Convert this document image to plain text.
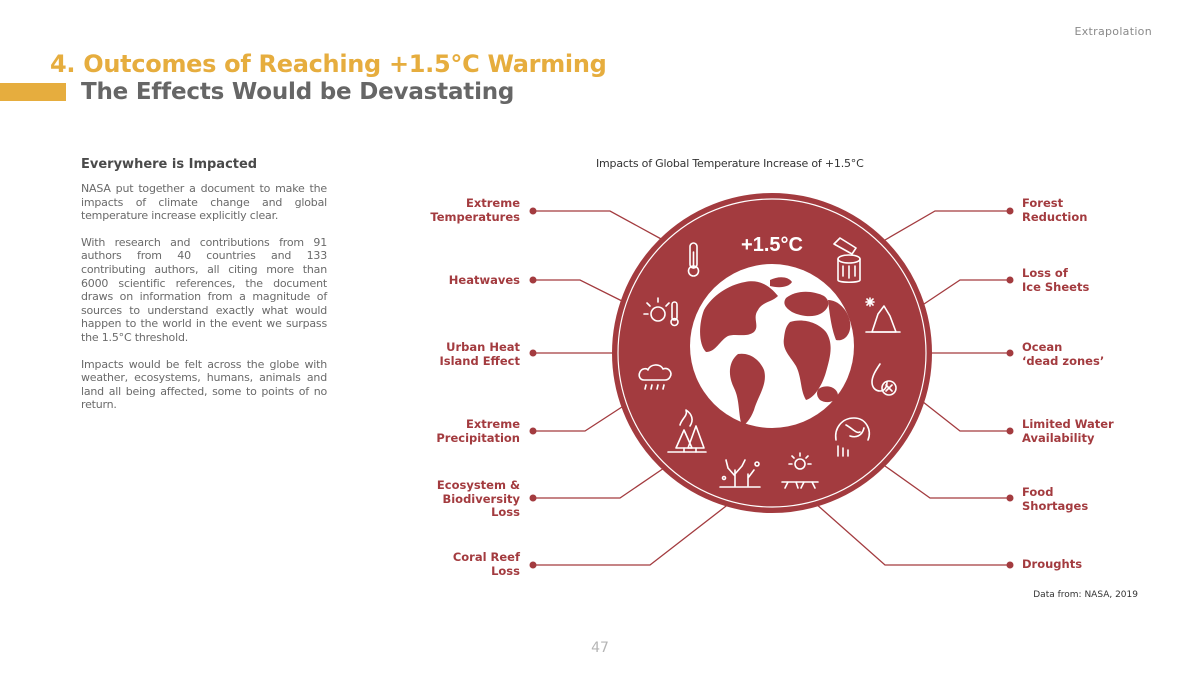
Extrapolation
4. Outcomes of Reaching +1.5°C Warming
The Effects Would be Devastating
Everywhere is Impacted

NASA put together a document to make the impacts of climate change and global temperature increase explicitly clear.

With research and contributions from 91 authors from 40 countries and 133 contributing authors, all citing more than 6000 scientific references, the document draws on information from a magnitude of sources to understand exactly what would happen to the world in the event we surpass the 1.5°C threshold.

Impacts would be felt across the globe with weather, ecosystems, humans, animals and land all being affected, some to points of no return.

Impacts of Global Temperature Increase of +1.5°C
+1.5°C
Extreme
Temperatures
Heatwaves
Urban Heat
Island Effect
Extreme
Precipitation
Ecosystem &
Biodiversity
Loss
Coral Reef
Loss
Forest
Reduction
Loss of
Ice Sheets
Ocean
‘dead zones’
Limited Water
Availability
Food
Shortages
Droughts
Data from: NASA, 2019
47
